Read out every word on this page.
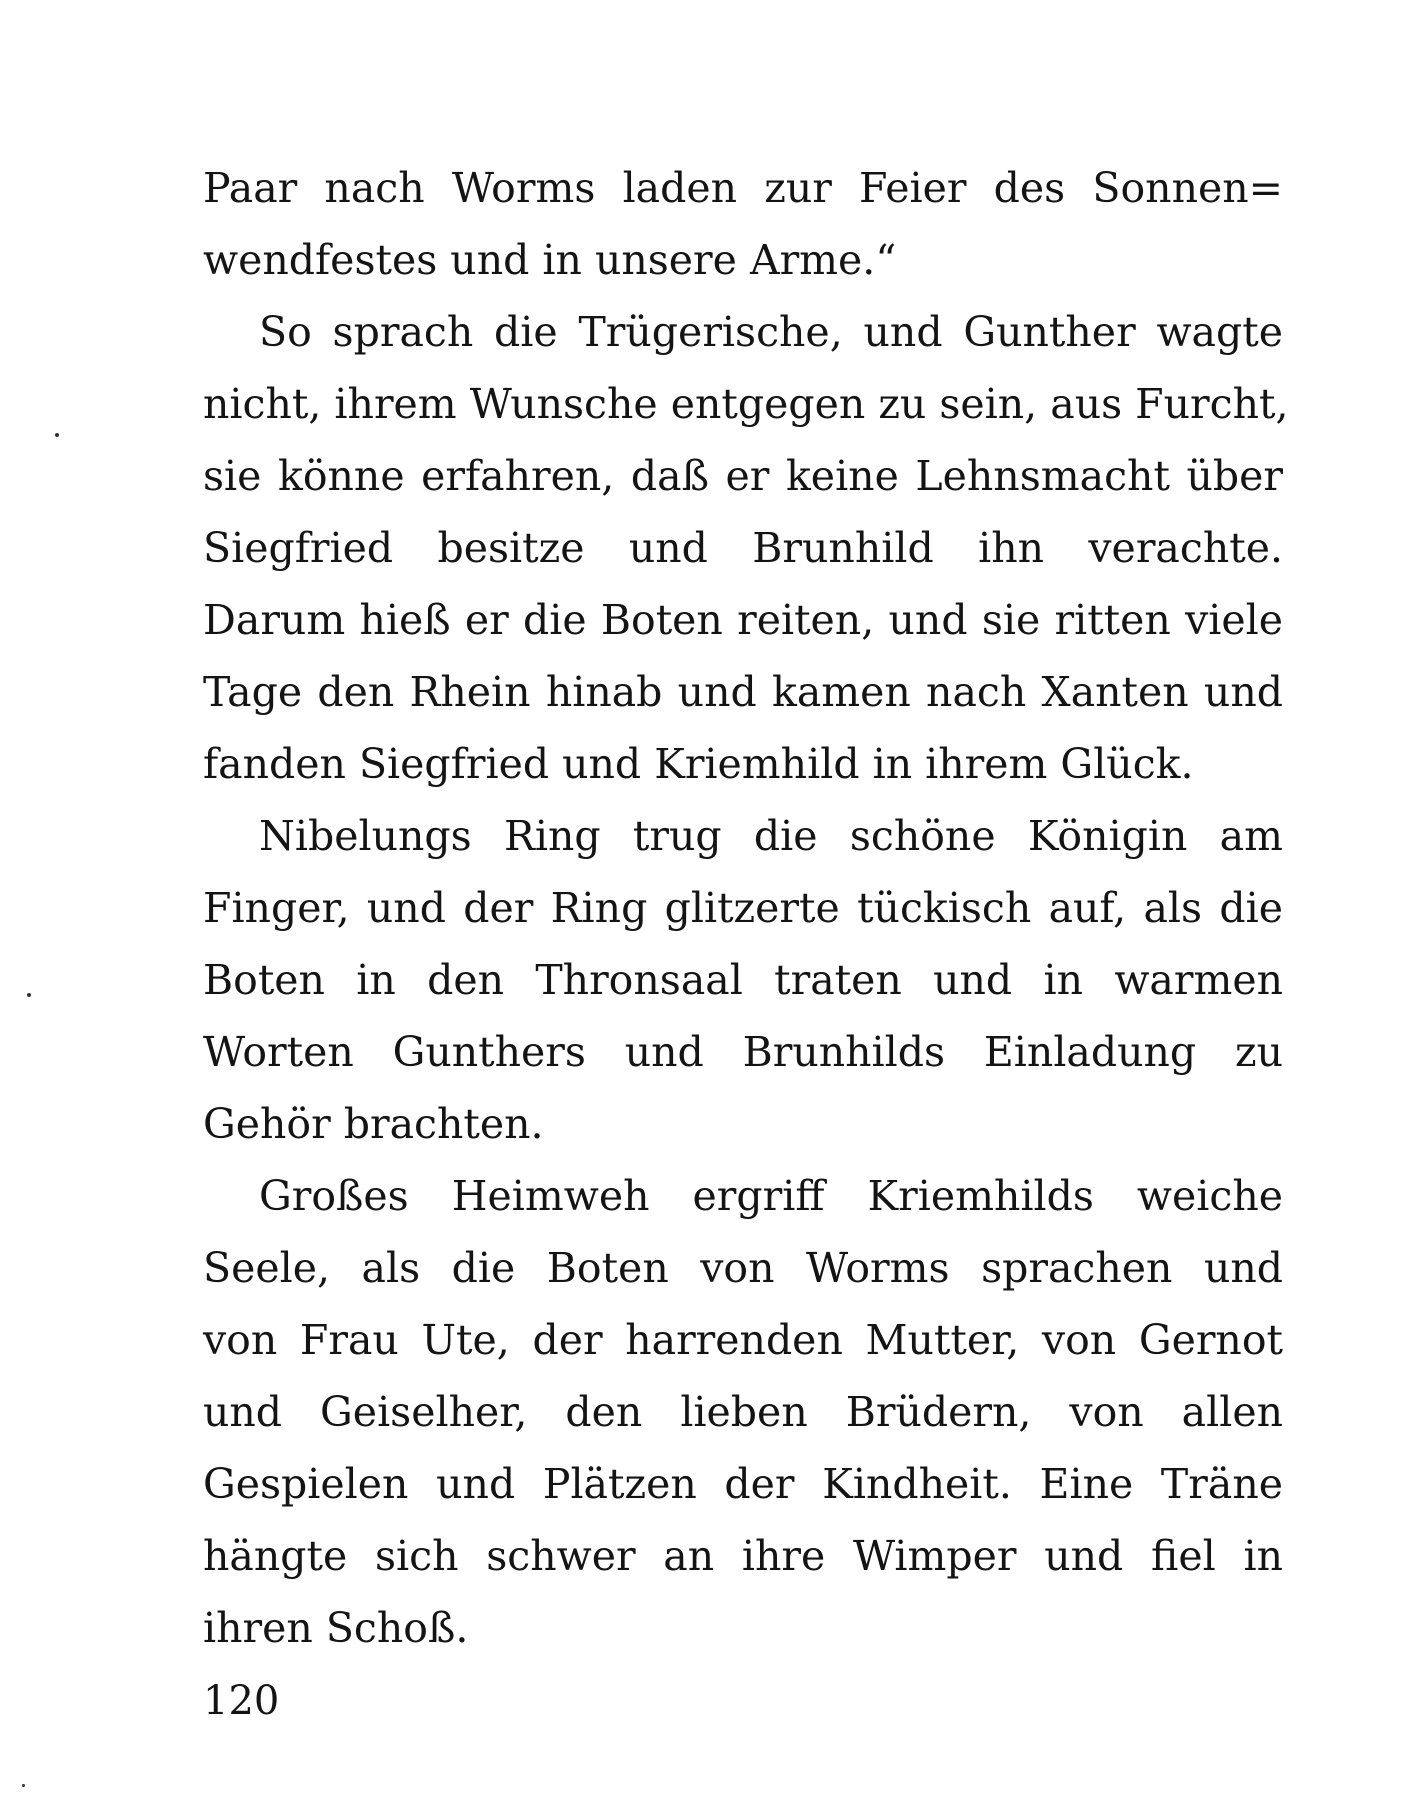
Paar nach Worms laden zur Feier des Sonnen=
wendfestes und in unsere Arme.“
So sprach die Trügerische, und Gunther wagte
nicht, ihrem Wunsche entgegen zu sein, aus Furcht,
sie könne erfahren, daß er keine Lehnsmacht über
Siegfried besitze und Brunhild ihn verachte.
Darum hieß er die Boten reiten, und sie ritten viele
Tage den Rhein hinab und kamen nach Xanten und
fanden Siegfried und Kriemhild in ihrem Glück.
Nibelungs Ring trug die schöne Königin am
Finger, und der Ring glitzerte tückisch auf, als die
Boten in den Thronsaal traten und in warmen
Worten Gunthers und Brunhilds Einladung zu
Gehör brachten.
Großes Heimweh ergriff Kriemhilds weiche
Seele, als die Boten von Worms sprachen und
von Frau Ute, der harrenden Mutter, von Gernot
und Geiselher, den lieben Brüdern, von allen
Gespielen und Plätzen der Kindheit. Eine Träne
hängte sich schwer an ihre Wimper und fiel in
ihren Schoß.
120
